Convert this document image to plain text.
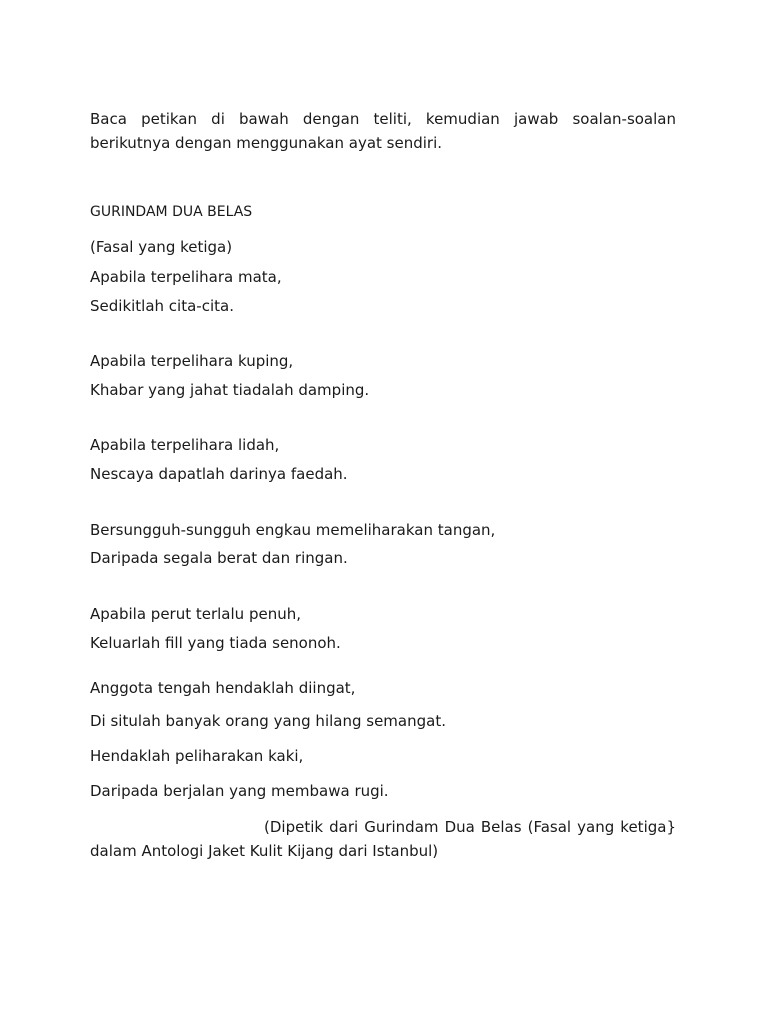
Baca petikan di bawah dengan teliti, kemudian jawab soalan-soalan
berikutnya dengan menggunakan ayat sendiri.
GURINDAM DUA BELAS
(Fasal yang ketiga)
Apabila terpelihara mata,
Sedikitlah cita-cita.
Apabila terpelihara kuping,
Khabar yang jahat tiadalah damping.
Apabila terpelihara lidah,
Nescaya dapatlah darinya faedah.
Bersungguh-sungguh engkau memeliharakan tangan,
Daripada segala berat dan ringan.
Apabila perut terlalu penuh,
Keluarlah fill yang tiada senonoh.
Anggota tengah hendaklah diingat,
Di situlah banyak orang yang hilang semangat.
Hendaklah peliharakan kaki,
Daripada berjalan yang membawa rugi.
(Dipetik dari Gurindam Dua Belas (Fasal yang ketiga}
dalam Antologi Jaket Kulit Kijang dari Istanbul)
